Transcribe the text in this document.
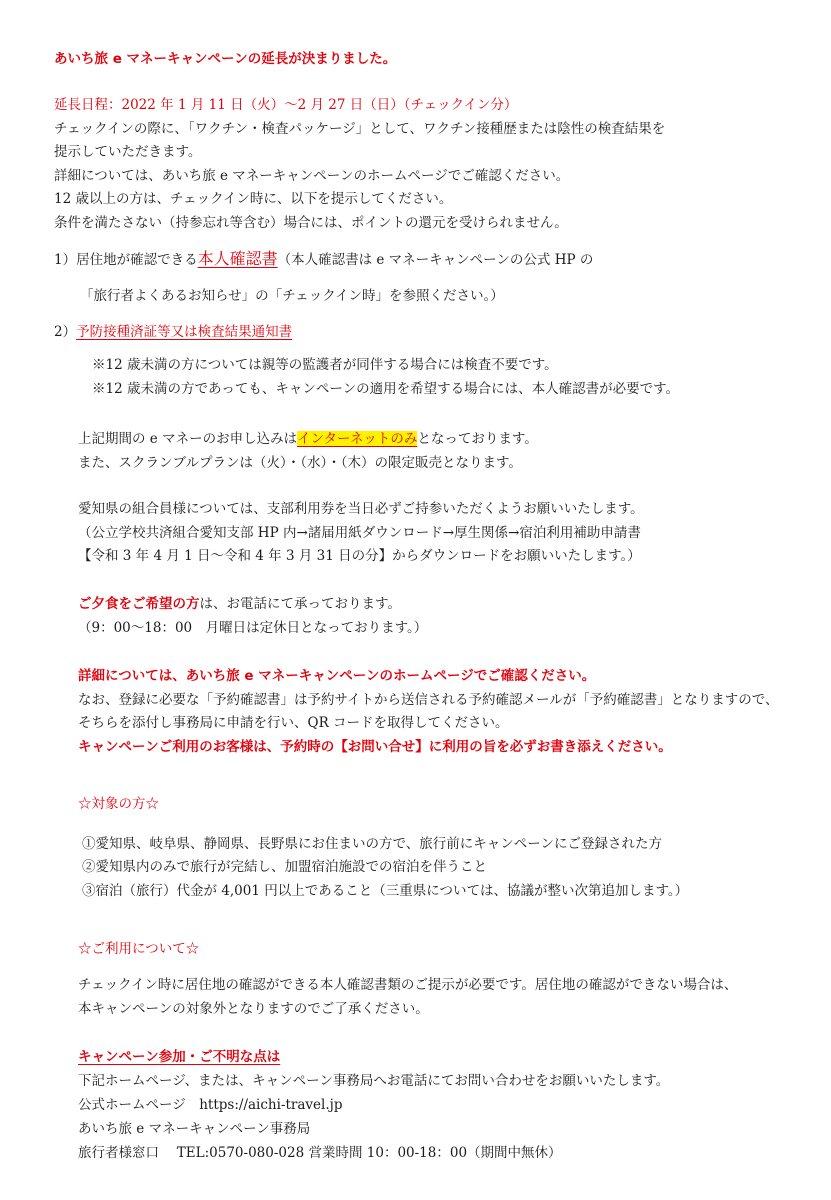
あいち旅 e マネーキャンペーンの延長が決まりました。
延長日程：2022 年 1 月 11 日（火）〜2 月 27 日（日）（チェックイン分）
チェックインの際に、「ワクチン・検査パッケージ」として、ワクチン接種歴または陰性の検査結果を
提示していただきます。
詳細については、あいち旅 e マネーキャンペーンのホームページでご確認ください。
12 歳以上の方は、チェックイン時に、以下を提示してください。
条件を満たさない（持参忘れ等含む）場合には、ポイントの還元を受けられません。
1）居住地が確認できる本人確認書（本人確認書は e マネーキャンペーンの公式 HP の
「旅行者よくあるお知らせ」の「チェックイン時」を参照ください。）
2）予防接種済証等又は検査結果通知書
※12 歳未満の方については親等の監護者が同伴する場合には検査不要です。
※12 歳未満の方であっても、キャンペーンの適用を希望する場合には、本人確認書が必要です。
上記期間の e マネーのお申し込みはインターネットのみとなっております。
また、スクランブルプランは（火）・（水）・（木）の限定販売となります。
愛知県の組合員様については、支部利用券を当日必ずご持参いただくようお願いいたします。
（公立学校共済組合愛知支部 HP 内→諸届用紙ダウンロード→厚生関係→宿泊利用補助申請書
【令和 3 年 4 月 1 日〜令和 4 年 3 月 31 日の分】からダウンロードをお願いいたします。）
ご夕食をご希望の方は、お電話にて承っております。
（9：00〜18：00　月曜日は定休日となっております。）
詳細については、あいち旅 e マネーキャンペーンのホームページでご確認ください。
なお、登録に必要な「予約確認書」は予約サイトから送信される予約確認メールが「予約確認書」となりますので、
そちらを添付し事務局に申請を行い、QR コードを取得してください。
キャンペーンご利用のお客様は、予約時の【お問い合せ】に利用の旨を必ずお書き添えください。
☆対象の方☆
①愛知県、岐阜県、静岡県、長野県にお住まいの方で、旅行前にキャンペーンにご登録された方
②愛知県内のみで旅行が完結し、加盟宿泊施設での宿泊を伴うこと
③宿泊（旅行）代金が 4,001 円以上であること（三重県については、協議が整い次第追加します。）
☆ご利用について☆
チェックイン時に居住地の確認ができる本人確認書類のご提示が必要です。居住地の確認ができない場合は、
本キャンペーンの対象外となりますのでご了承ください。
キャンペーン参加・ご不明な点は
下記ホームページ、または、キャンペーン事務局へお電話にてお問い合わせをお願いいたします。
公式ホームページ　https://aichi-travel.jp
あいち旅 e マネーキャンペーン事務局
旅行者様窓口　 TEL:0570-080-028 営業時間 10：00‐18：00（期間中無休）
